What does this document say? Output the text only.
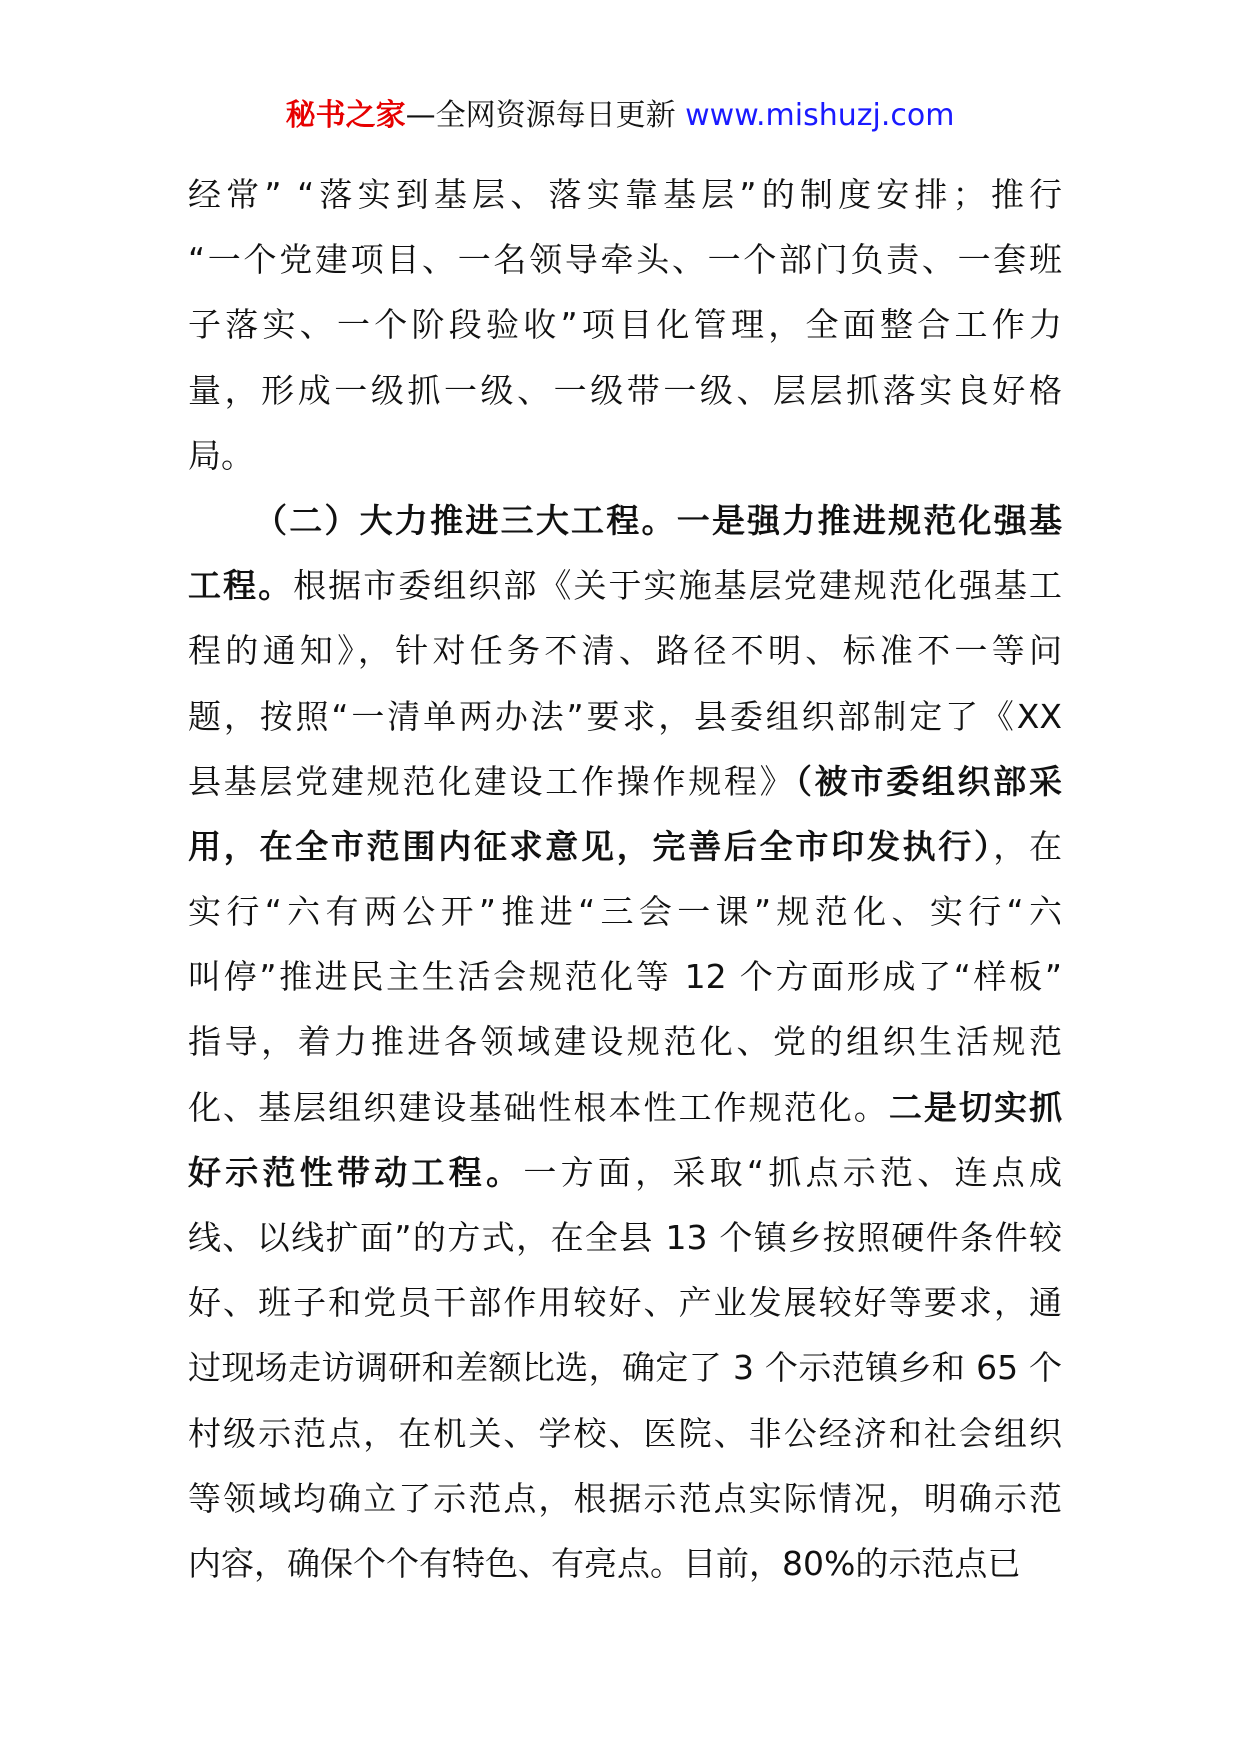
秘书之家—全网资源每日更新 www.mishuzj.com
经常” “落实到基层、落实靠基层”的制度安排；推行
“一个党建项目、一名领导牵头、一个部门负责、一套班
子落实、一个阶段验收”项目化管理，全面整合工作力
量，形成一级抓一级、一级带一级、层层抓落实良好格
局。
（二）大力推进三大工程。一是强力推进规范化强基
工程。根据市委组织部《关于实施基层党建规范化强基工
程的通知》，针对任务不清、路径不明、标准不一等问
题，按照“一清单两办法”要求，县委组织部制定了《XX
县基层党建规范化建设工作操作规程》（被市委组织部采
用，在全市范围内征求意见，完善后全市印发执行），在
实行“六有两公开”推进“三会一课”规范化、实行“六
叫停”推进民主生活会规范化等 12 个方面形成了“样板”
指导，着力推进各领域建设规范化、党的组织生活规范
化、基层组织建设基础性根本性工作规范化。二是切实抓
好示范性带动工程。一方面，采取“抓点示范、连点成
线、以线扩面”的方式，在全县 13 个镇乡按照硬件条件较
好、班子和党员干部作用较好、产业发展较好等要求，通
过现场走访调研和差额比选，确定了 3 个示范镇乡和 65 个
村级示范点，在机关、学校、医院、非公经济和社会组织
等领域均确立了示范点，根据示范点实际情况，明确示范
内容，确保个个有特色、有亮点。目前，80%的示范点已
